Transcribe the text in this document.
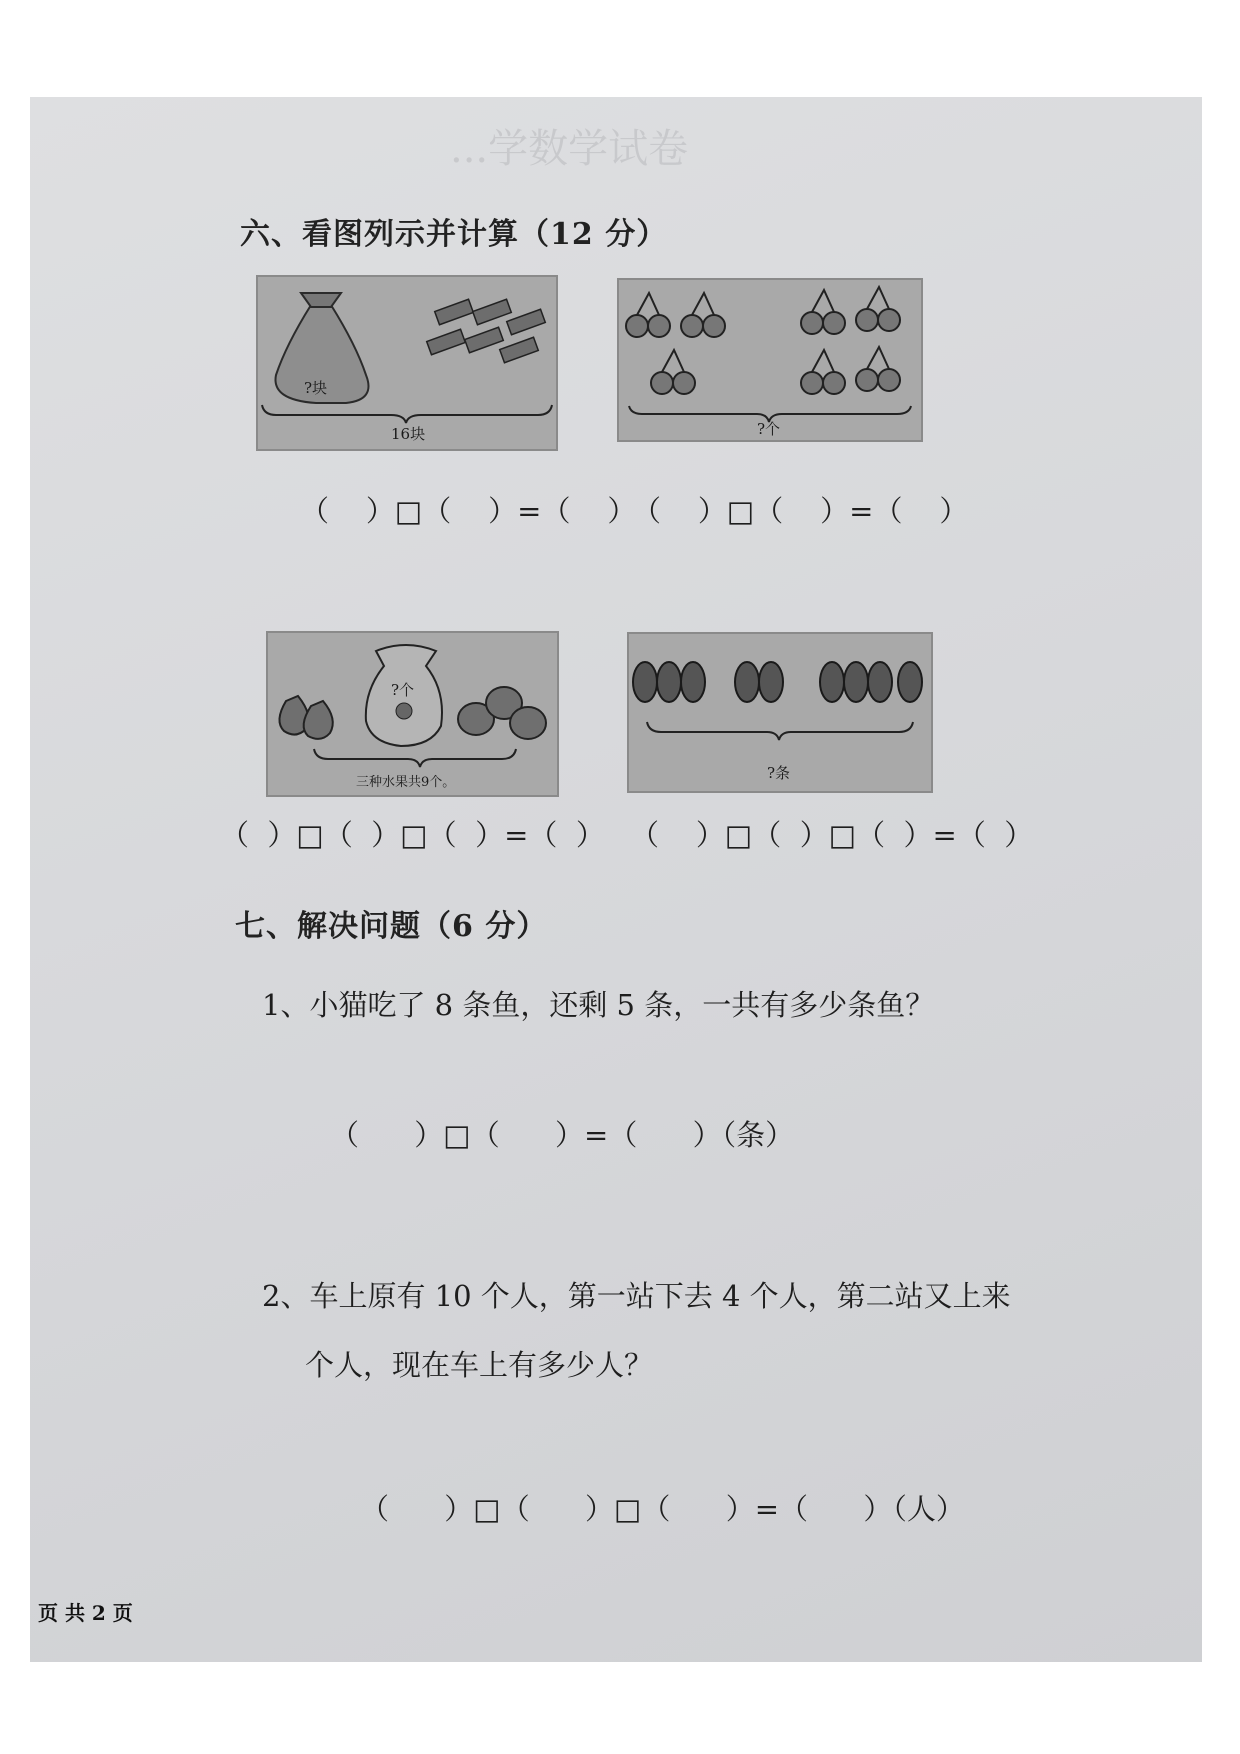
...学数学试卷
六、看图列示并计算（12 分）
?块
16块	?个
（    ）□（    ）=（    ）
（    ）□（    ）=（    ）
?个
三种水果共9个。
?条
（  ）□（  ）□（  ）=（  ） （    ）□（  ）□（  ）=（  ）
七、解决问题（6 分）
1、小猫吃了 8 条鱼，还剩 5 条，一共有多少条鱼？
（      ）□（      ）=（      ）（条）
2、车上原有 10 个人，第一站下去 4 个人，第二站又上来
个人，现在车上有多少人？
（      ）□（      ）□（      ）=（      ）（人）
页 共 2 页
